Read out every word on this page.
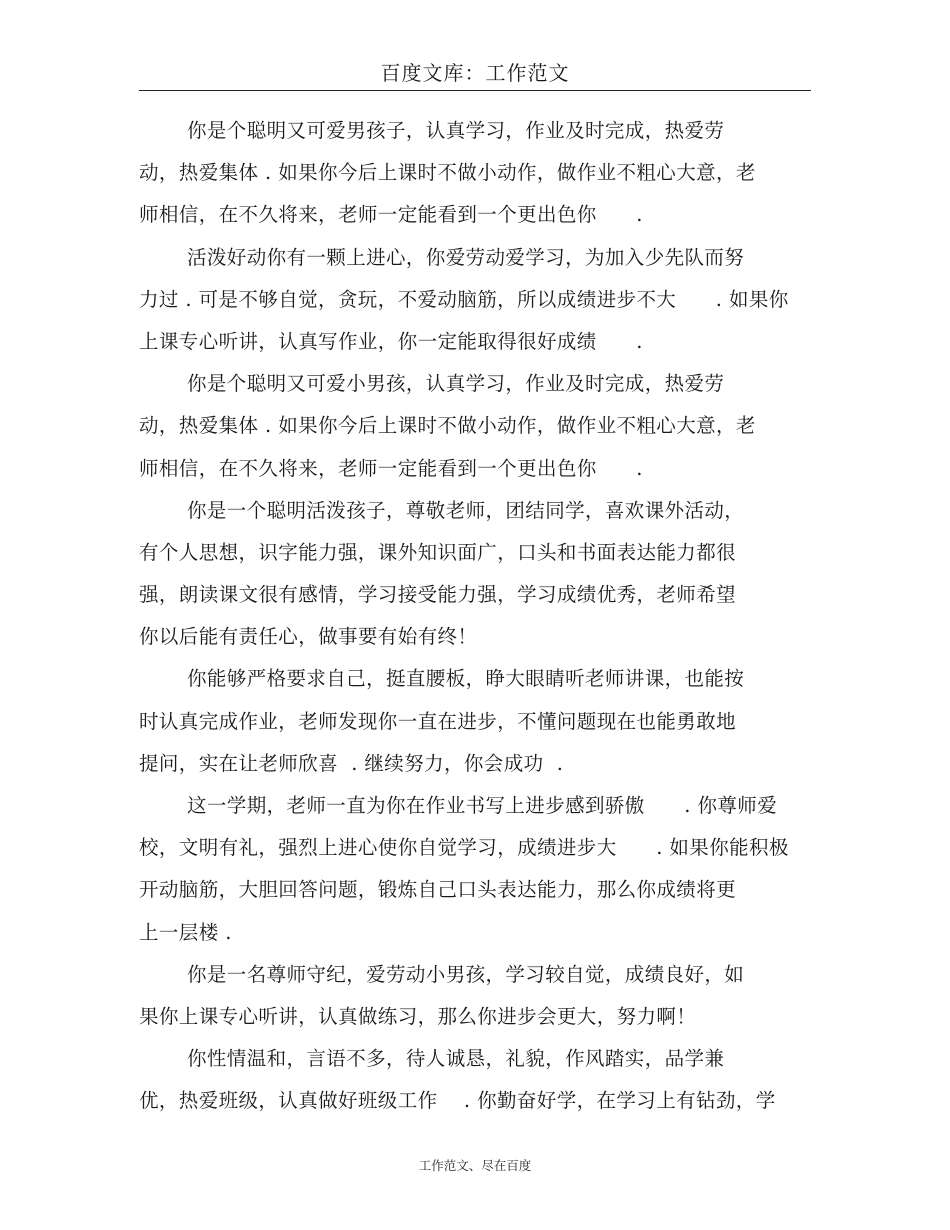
百度文库：工作范文
你是个聪明又可爱男孩子，认真学习，作业及时完成，热爱劳
动，热爱集体 . 如果你今后上课时不做小动作，做作业不粗心大意，老
师相信，在不久将来，老师一定能看到一个更出色你      .
活泼好动你有一颗上进心，你爱劳动爱学习，为加入少先队而努
力过 . 可是不够自觉，贪玩，不爱动脑筋，所以成绩进步不大      . 如果你
上课专心听讲，认真写作业，你一定能取得很好成绩      .
你是个聪明又可爱小男孩，认真学习，作业及时完成，热爱劳
动，热爱集体 . 如果你今后上课时不做小动作，做作业不粗心大意，老
师相信，在不久将来，老师一定能看到一个更出色你      .
你是一个聪明活泼孩子，尊敬老师，团结同学，喜欢课外活动，
有个人思想，识字能力强，课外知识面广，口头和书面表达能力都很
强，朗读课文很有感情，学习接受能力强，学习成绩优秀，老师希望
你以后能有责任心，做事要有始有终！
你能够严格要求自己，挺直腰板，睁大眼睛听老师讲课，也能按
时认真完成作业，老师发现你一直在进步，不懂问题现在也能勇敢地
提问，实在让老师欣喜  . 继续努力，你会成功  .
这一学期，老师一直为你在作业书写上进步感到骄傲      . 你尊师爱
校，文明有礼，强烈上进心使你自觉学习，成绩进步大      . 如果你能积极
开动脑筋，大胆回答问题，锻炼自己口头表达能力，那么你成绩将更
上一层楼 .
你是一名尊师守纪，爱劳动小男孩，学习较自觉，成绩良好，如
果你上课专心听讲，认真做练习，那么你进步会更大，努力啊！
你性情温和，言语不多，待人诚恳，礼貌，作风踏实，品学兼
优，热爱班级，认真做好班级工作    . 你勤奋好学，在学习上有钻劲，学
工作范文、尽在百度
